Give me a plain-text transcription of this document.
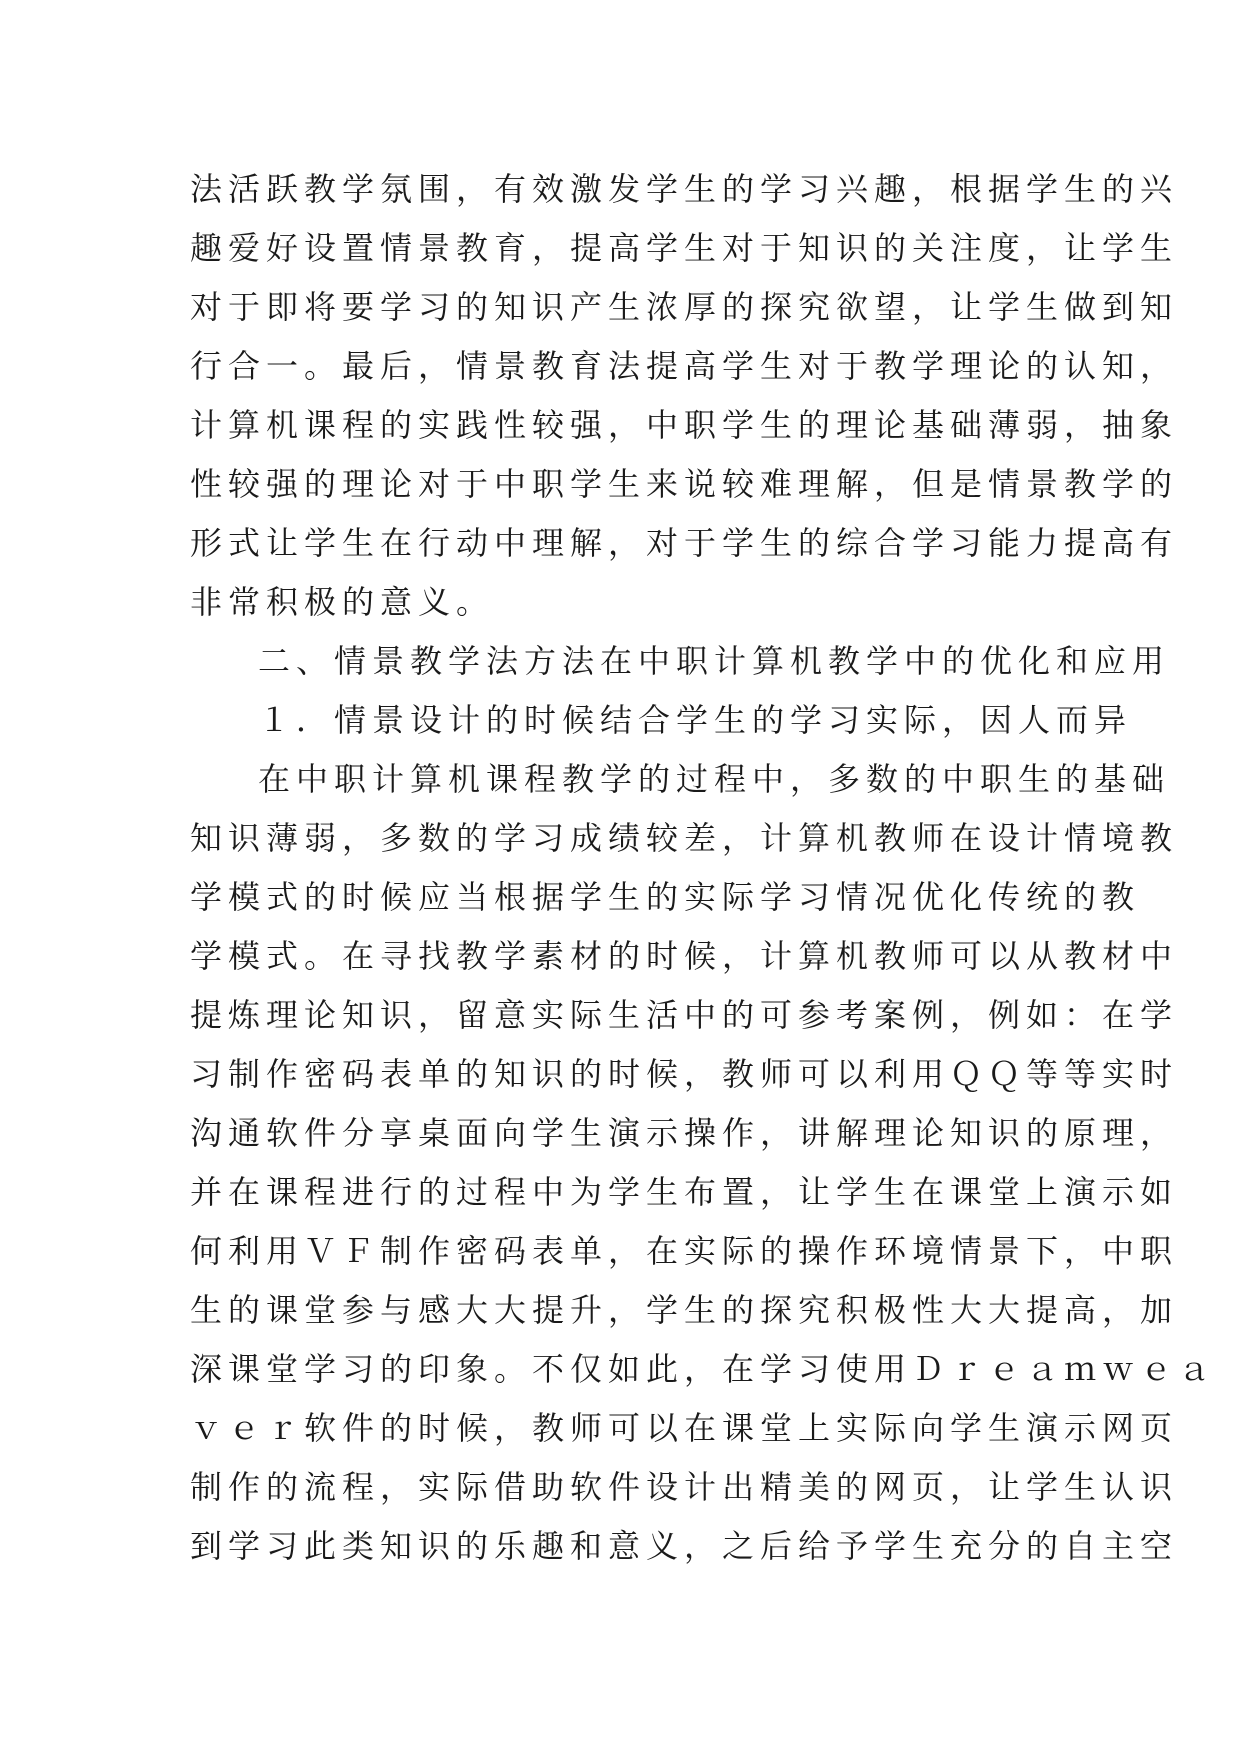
法活跃教学氛围，有效激发学生的学习兴趣，根据学生的兴
趣爱好设置情景教育，提高学生对于知识的关注度，让学生
对于即将要学习的知识产生浓厚的探究欲望，让学生做到知
行合一。最后，情景教育法提高学生对于教学理论的认知，
计算机课程的实践性较强，中职学生的理论基础薄弱，抽象
性较强的理论对于中职学生来说较难理解，但是情景教学的
形式让学生在行动中理解，对于学生的综合学习能力提高有
非常积极的意义。
二、情景教学法方法在中职计算机教学中的优化和应用
１．情景设计的时候结合学生的学习实际，因人而异
在中职计算机课程教学的过程中，多数的中职生的基础
知识薄弱，多数的学习成绩较差，计算机教师在设计情境教
学模式的时候应当根据学生的实际学习情况优化传统的教
学模式。在寻找教学素材的时候，计算机教师可以从教材中
提炼理论知识，留意实际生活中的可参考案例，例如：在学
习制作密码表单的知识的时候，教师可以利用ＱＱ等等实时
沟通软件分享桌面向学生演示操作，讲解理论知识的原理，
并在课程进行的过程中为学生布置，让学生在课堂上演示如
何利用ＶＦ制作密码表单，在实际的操作环境情景下，中职
生的课堂参与感大大提升，学生的探究积极性大大提高，加
深课堂学习的印象。不仅如此，在学习使用Ｄｒｅａｍｗｅａ
ｖｅｒ软件的时候，教师可以在课堂上实际向学生演示网页
制作的流程，实际借助软件设计出精美的网页，让学生认识
到学习此类知识的乐趣和意义，之后给予学生充分的自主空
